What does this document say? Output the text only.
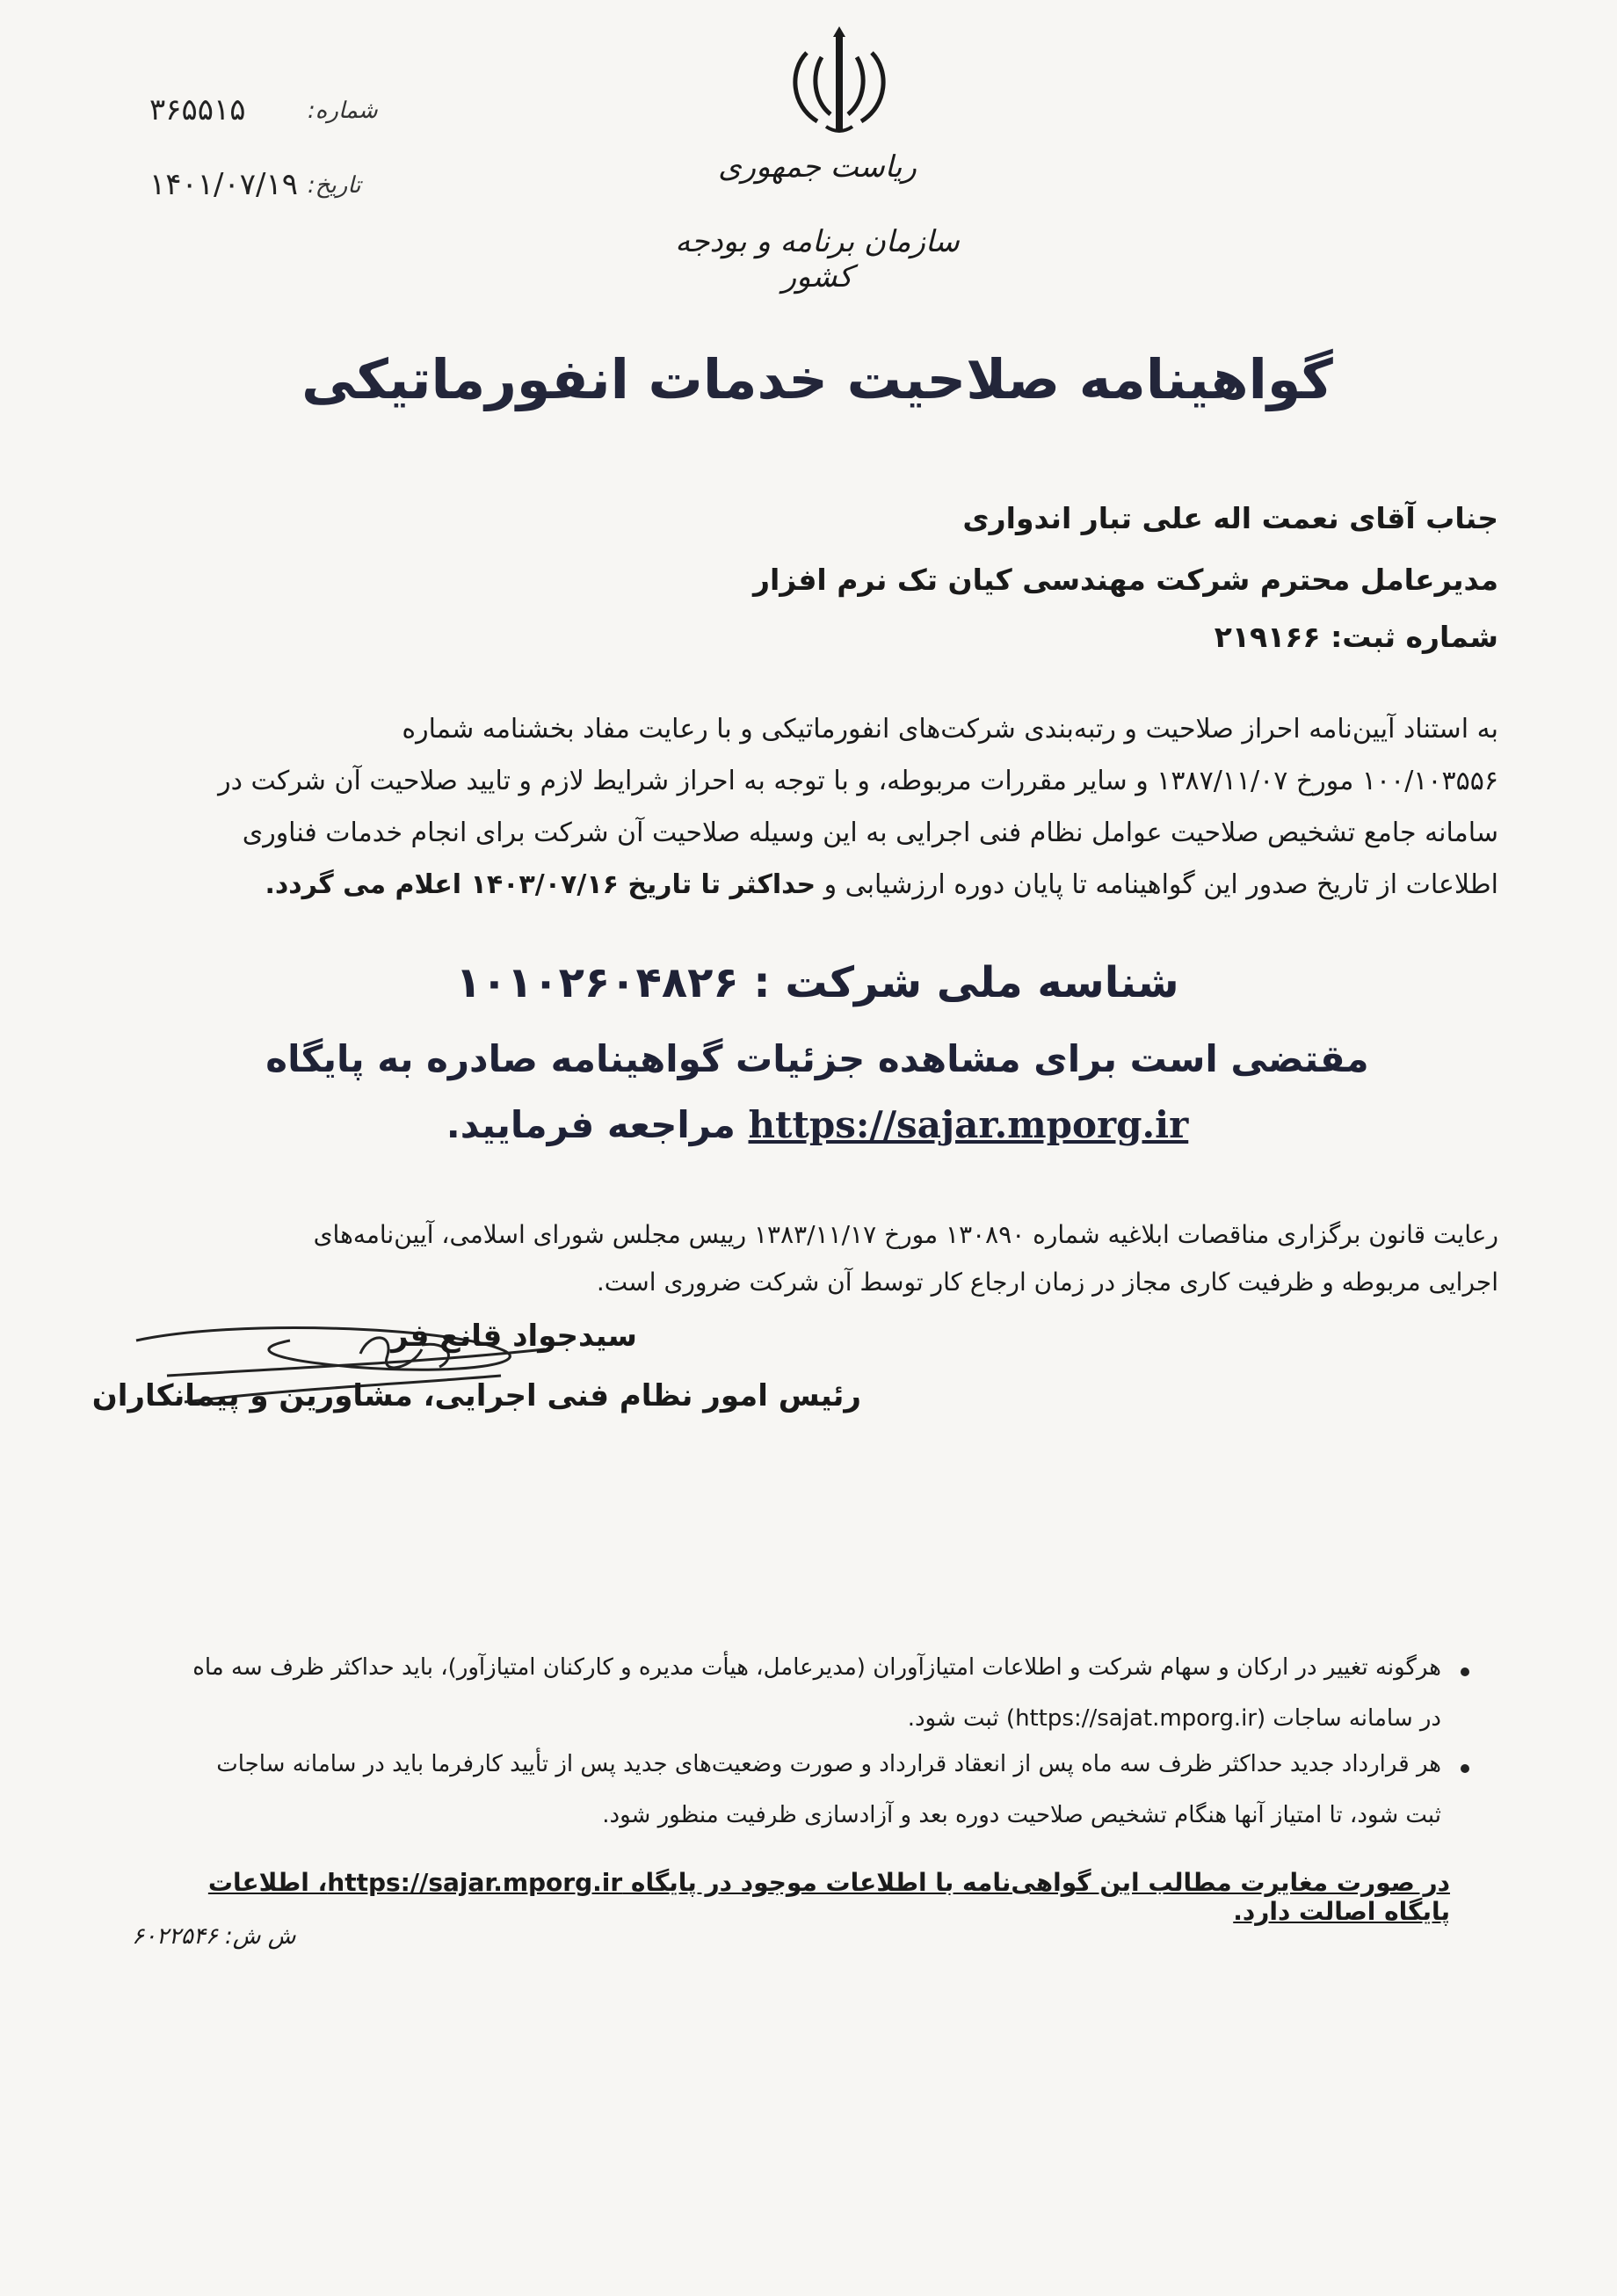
۳۶۵۵۱۵	شماره:
۱۴۰۱/۰۷/۱۹ تاریخ:
ریاست جمهوری
سازمان برنامه و بودجه کشور
گواهینامه صلاحیت خدمات انفورماتیکی
جناب آقای نعمت اله علی تبار اندواری
مدیرعامل محترم شرکت مهندسی کیان تک نرم افزار
شماره ثبت: ۲۱۹۱۶۶
به استناد آیین‌نامه احراز صلاحیت و رتبه‌بندی شرکت‌های انفورماتیکی و با رعایت مفاد بخشنامه شماره
۱۰۰/۱۰۳۵۵۶ مورخ ۱۳۸۷/۱۱/۰۷ و سایر مقررات مربوطه، و با توجه به احراز شرایط لازم و تایید صلاحیت آن شرکت در
سامانه جامع تشخیص صلاحیت عوامل نظام فنی اجرایی به این وسیله صلاحیت آن شرکت برای انجام خدمات فناوری
اطلاعات از تاریخ صدور این گواهینامه تا پایان دوره ارزشیابی و حداکثر تا تاریخ ۱۴۰۳/۰۷/۱۶ اعلام می گردد.
شناسه ملی شرکت : ۱۰۱۰۲۶۰۴۸۲۶
مقتضی است برای مشاهده جزئیات گواهینامه صادره به پایگاه
https://sajar.mporg.ir مراجعه فرمایید.
رعایت قانون برگزاری مناقصات ابلاغیه شماره ۱۳۰۸۹۰ مورخ ۱۳۸۳/۱۱/۱۷ رییس مجلس شورای اسلامی، آیین‌نامه‌های
اجرایی مربوطه و ظرفیت کاری مجاز در زمان ارجاع کار توسط آن شرکت ضروری است.
سیدجواد قانع فر
رئیس امور نظام فنی اجرایی، مشاورین و پیمانکاران
هرگونه تغییر در ارکان و سهام شرکت و اطلاعات امتیازآوران (مدیرعامل، هیأت مدیره و کارکنان امتیازآور)، باید حداکثر ظرف سه ماه
در سامانه ساجات (https://sajat.mporg.ir) ثبت شود.
هر قرارداد جدید حداکثر ظرف سه ماه پس از انعقاد قرارداد و صورت وضعیت‌های جدید پس از تأیید کارفرما باید در سامانه ساجات
ثبت شود، تا امتیاز آنها هنگام تشخیص صلاحیت دوره بعد و آزادسازی ظرفیت منظور شود.
در صورت مغایرت مطالب این گواهی‌نامه با اطلاعات موجود در پایگاه https://sajar.mporg.ir، اطلاعات پایگاه اصالت دارد.
ش ش: ۶۰۲۲۵۴۶
